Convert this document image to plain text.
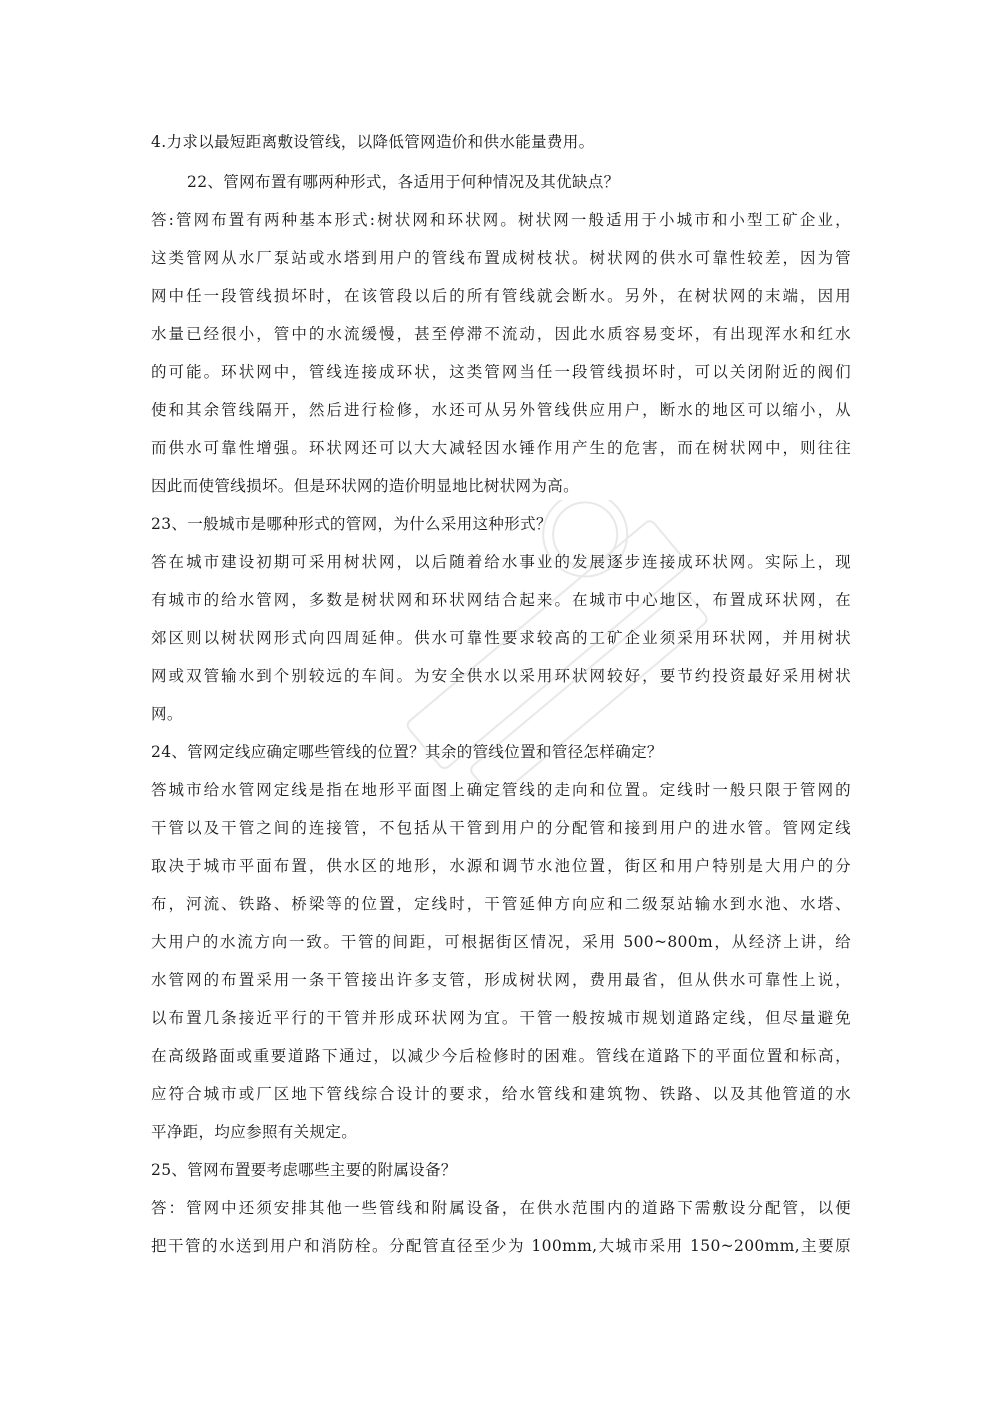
4.力求以最短距离敷设管线，以降低管网造价和供水能量费用。
22、管网布置有哪两种形式，各适用于何种情况及其优缺点？
答:管网布置有两种基本形式:树状网和环状网。树状网一般适用于小城市和小型工矿企业，
这类管网从水厂泵站或水塔到用户的管线布置成树枝状。树状网的供水可靠性较差，因为管
网中任一段管线损坏时，在该管段以后的所有管线就会断水。另外，在树状网的末端，因用
水量已经很小，管中的水流缓慢，甚至停滞不流动，因此水质容易变坏，有出现浑水和红水
的可能。环状网中，管线连接成环状，这类管网当任一段管线损坏时，可以关闭附近的阀们
使和其余管线隔开，然后进行检修，水还可从另外管线供应用户，断水的地区可以缩小，从
而供水可靠性增强。环状网还可以大大减轻因水锤作用产生的危害，而在树状网中，则往往
因此而使管线损坏。但是环状网的造价明显地比树状网为高。
23、一般城市是哪种形式的管网，为什么采用这种形式？
答在城市建设初期可采用树状网，以后随着给水事业的发展逐步连接成环状网。实际上，现
有城市的给水管网，多数是树状网和环状网结合起来。在城市中心地区，布置成环状网，在
郊区则以树状网形式向四周延伸。供水可靠性要求较高的工矿企业须采用环状网，并用树状
网或双管输水到个别较远的车间。为安全供水以采用环状网较好，要节约投资最好采用树状
网。
24、管网定线应确定哪些管线的位置？其余的管线位置和管径怎样确定？
答城市给水管网定线是指在地形平面图上确定管线的走向和位置。定线时一般只限于管网的
干管以及干管之间的连接管，不包括从干管到用户的分配管和接到用户的进水管。管网定线
取决于城市平面布置，供水区的地形，水源和调节水池位置，街区和用户特别是大用户的分
布，河流、铁路、桥梁等的位置，定线时，干管延伸方向应和二级泵站输水到水池、水塔、
大用户的水流方向一致。干管的间距，可根据街区情况，采用 500~800m，从经济上讲，给
水管网的布置采用一条干管接出许多支管，形成树状网，费用最省，但从供水可靠性上说，
以布置几条接近平行的干管并形成环状网为宜。干管一般按城市规划道路定线，但尽量避免
在高级路面或重要道路下通过，以减少今后检修时的困难。管线在道路下的平面位置和标高，
应符合城市或厂区地下管线综合设计的要求，给水管线和建筑物、铁路、以及其他管道的水
平净距，均应参照有关规定。
25、管网布置要考虑哪些主要的附属设备？
答：管网中还须安排其他一些管线和附属设备，在供水范围内的道路下需敷设分配管，以便
把干管的水送到用户和消防栓。分配管直径至少为 100mm,大城市采用 150~200mm,主要原
